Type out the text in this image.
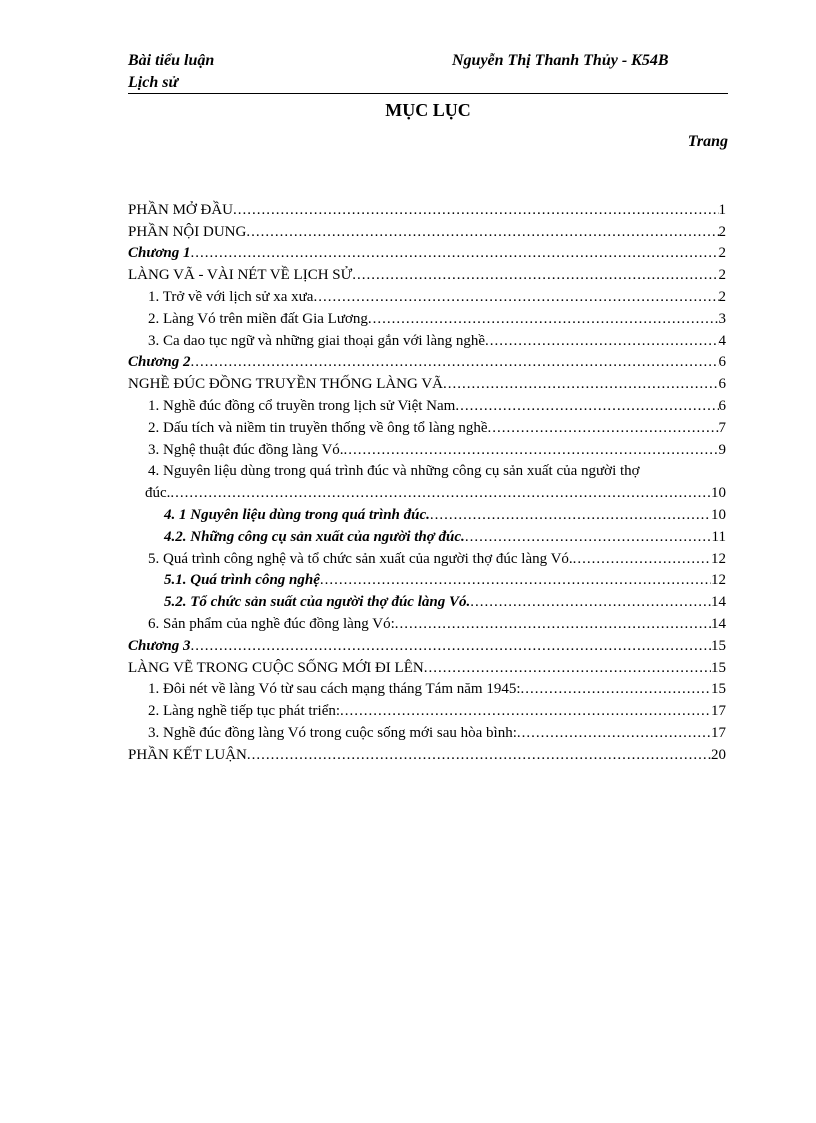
Bài tiểu luận
Lịch sử
Nguyễn Thị Thanh Thủy - K54B
MỤC LỤC
Trang
PHẦN MỞ ĐẦU .....	1
PHẦN NỘI DUNG .....	2
Chương 1 .....	2
LÀNG VÃ - VÀI NÉT VỀ LỊCH SỬ .....	2
1. Trở về với lịch sử xa xưa .....	2
2. Làng Vó trên miền đất Gia Lương .....	3
3. Ca dao tục ngữ và những giai thoại gắn với làng nghề .....	4
Chương 2 .....	6
NGHỀ ĐÚC ĐỒNG TRUYỀN THỐNG LÀNG VÃ .....	6
1. Nghề đúc đồng cổ truyền trong lịch sử Việt Nam .....	6
2. Dấu tích và niềm tin truyền thống về ông tổ làng nghề .....	7
3. Nghệ thuật đúc đồng làng Vó. .....	9
4. Nguyên liệu dùng trong quá trình đúc và những công cụ sản xuất của người thợ
đúc. .....	10
4. 1 Nguyên liệu dùng trong quá trình đúc. .....	10
4.2. Những công cụ sản xuất của người thợ đúc. .....	11
5. Quá trình công nghệ và tổ chức sản xuất của người thợ đúc làng Vó. .....	12
5.1. Quá trình công nghệ .....	12
5.2. Tổ chức sản suất của người thợ đúc làng Vó. .....	14
6. Sản phẩm của nghề đúc đồng làng Vó: .....	14
Chương 3 .....	15
LÀNG VẼ TRONG CUỘC SỐNG MỚI ĐI LÊN .....	15
1. Đôi nét về làng Vó từ sau cách mạng tháng Tám năm 1945: .....	15
2. Làng nghề tiếp tục phát triển: .....	17
3. Nghề đúc đồng làng Vó trong cuộc sống mới sau hòa bình: .....	17
PHẦN KẾT LUẬN .....	20
